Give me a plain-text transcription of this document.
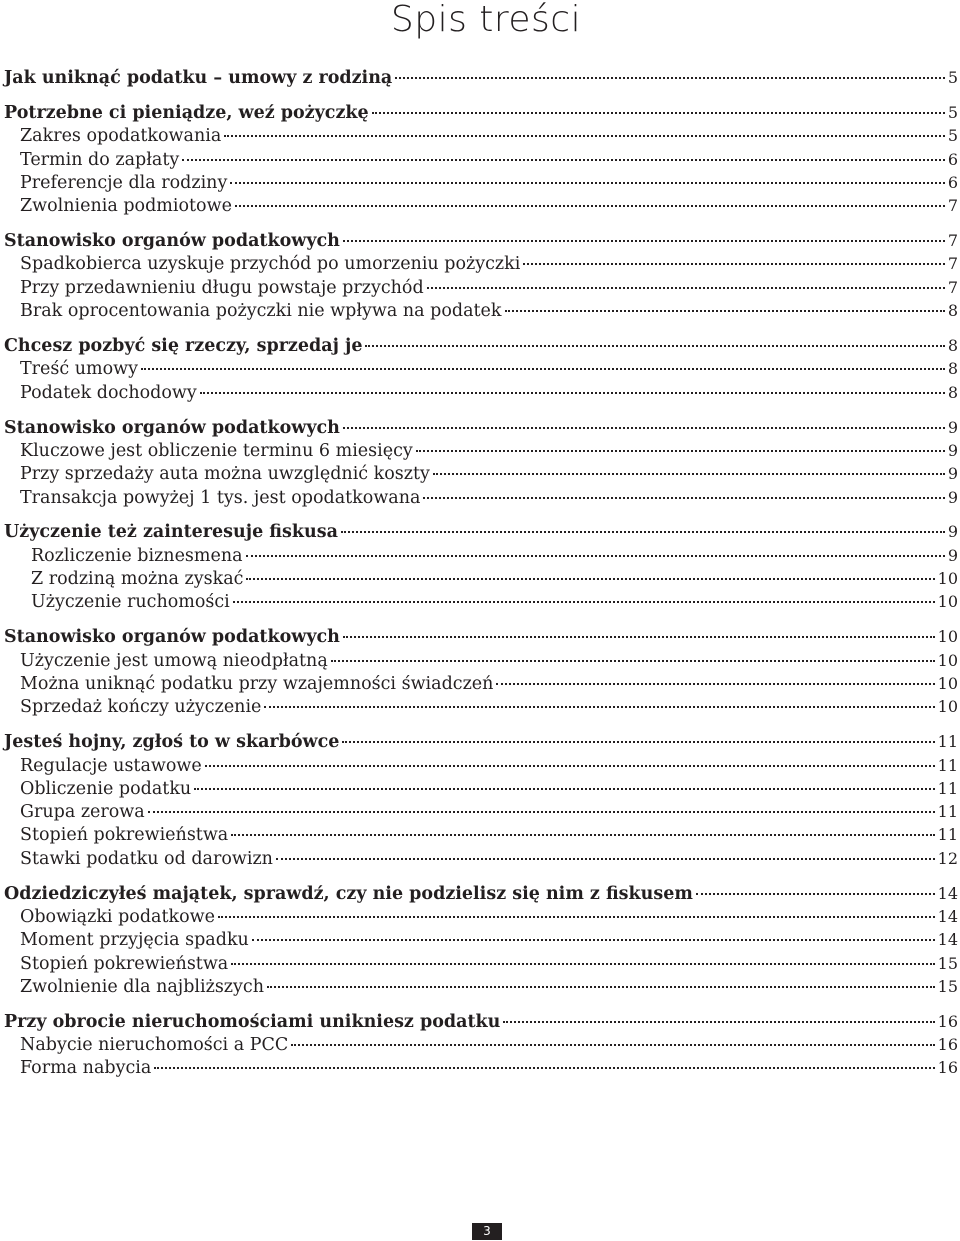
Spis treści
Jak uniknąć podatku – umowy z rodziną	5
Potrzebne ci pieniądze, weź pożyczkę	5
Zakres opodatkowania	5
Termin do zapłaty	6
Preferencje dla rodziny	6
Zwolnienia podmiotowe	7
Stanowisko organów podatkowych	7
Spadkobierca uzyskuje przychód po umorzeniu pożyczki	7
Przy przedawnieniu długu powstaje przychód	7
Brak oprocentowania pożyczki nie wpływa na podatek	8
Chcesz pozbyć się rzeczy, sprzedaj je	8
Treść umowy	8
Podatek dochodowy	8
Stanowisko organów podatkowych	9
Kluczowe jest obliczenie terminu 6 miesięcy	9
Przy sprzedaży auta można uwzględnić koszty	9
Transakcja powyżej 1 tys. jest opodatkowana	9
Użyczenie też zainteresuje fiskusa	9
Rozliczenie biznesmena	9
Z rodziną można zyskać	10
Użyczenie ruchomości	10
Stanowisko organów podatkowych	10
Użyczenie jest umową nieodpłatną	10
Można uniknąć podatku przy wzajemności świadczeń	10
Sprzedaż kończy użyczenie	10
Jesteś hojny, zgłoś to w skarbówce	11
Regulacje ustawowe	11
Obliczenie podatku	11
Grupa zerowa	11
Stopień pokrewieństwa	11
Stawki podatku od darowizn	12
Odziedziczyłeś majątek, sprawdź, czy nie podzielisz się nim z fiskusem	14
Obowiązki podatkowe	14
Moment przyjęcia spadku	14
Stopień pokrewieństwa	15
Zwolnienie dla najbliższych	15
Przy obrocie nieruchomościami unikniesz podatku	16
Nabycie nieruchomości a PCC	16
Forma nabycia	16
3
